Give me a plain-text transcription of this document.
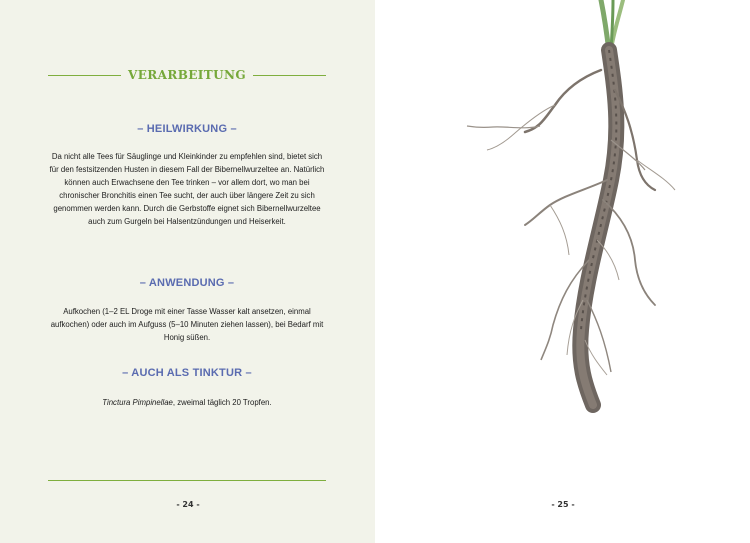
VERARBEITUNG
– HEILWIRKUNG –
Da nicht alle Tees für Säuglinge und Kleinkinder zu empfehlen sind, bietet sich für den festsitzenden Husten in diesem Fall der Bibernellwurzeltee an. Natürlich können auch Erwachsene den Tee trinken – vor allem dort, wo man bei chronischer Bronchitis einen Tee sucht, der auch über längere Zeit zu sich genommen werden kann. Durch die Gerbstoffe eignet sich Bibernellwurzeltee auch zum Gurgeln bei Halsentzündungen und Heiserkeit.
– ANWENDUNG –
Aufkochen (1–2 EL Droge mit einer Tasse Wasser kalt ansetzen, einmal aufkochen) oder auch im Aufguss (5–10 Minuten ziehen lassen), bei Bedarf mit Honig süßen.
– AUCH ALS TINKTUR –
Tinctura Pimpinellae, zweimal täglich 20 Tropfen.
- 24 -	- 25 -
